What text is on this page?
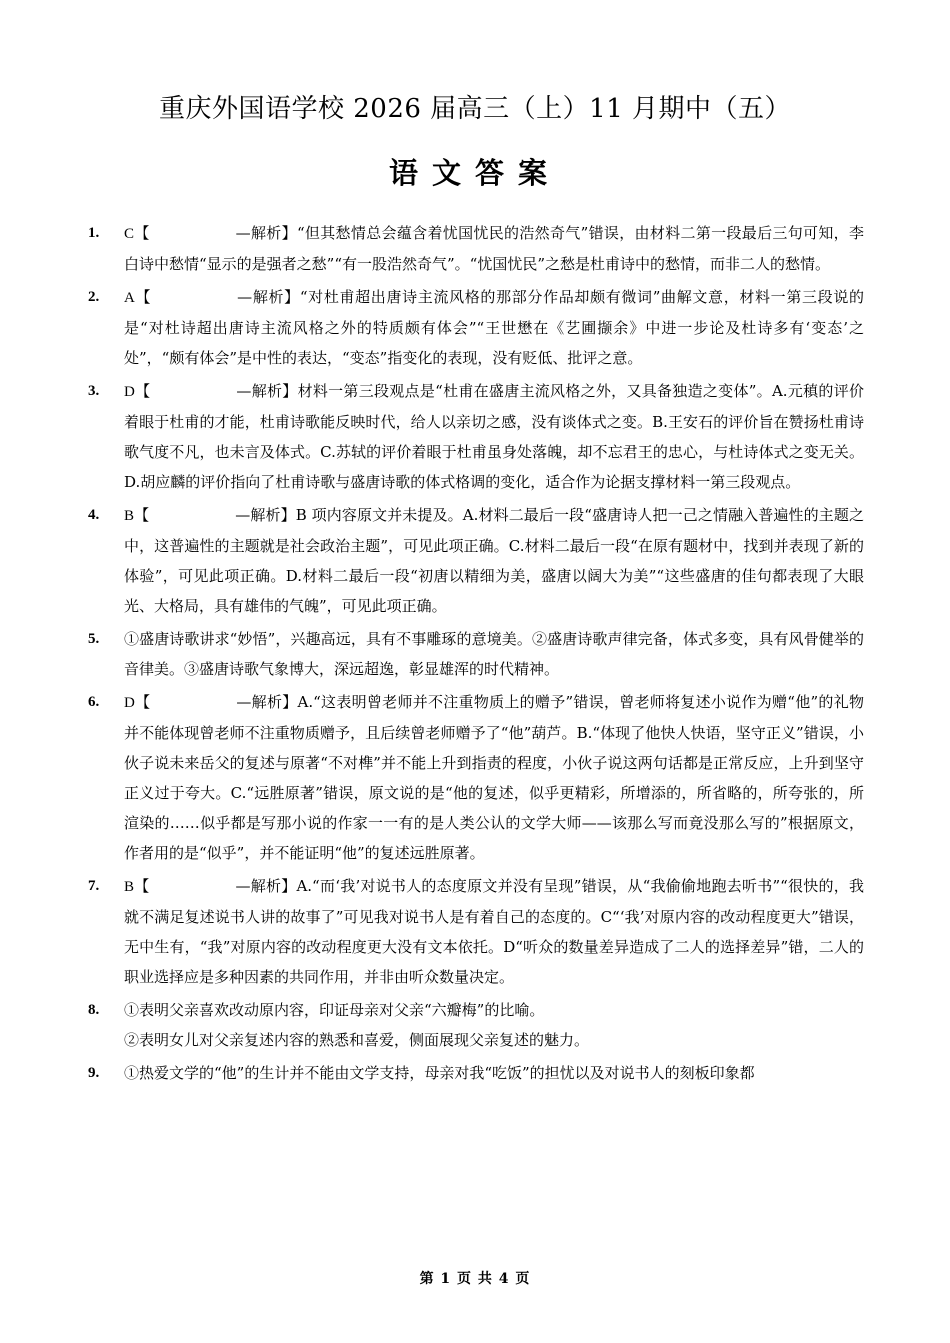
重庆外国语学校 2026 届高三（上）11 月期中（五）
语文答案
1.	C【	—解析】“但其愁情总会蕴含着忧国忧民的浩然奇气”错误，由材料二第一段最后三句可知，李白诗中愁情“显示的是强者之愁”“有一股浩然奇气”。“忧国忧民”之愁是杜甫诗中的愁情，而非二人的愁情。
2.	A【	—解析】“对杜甫超出唐诗主流风格的那部分作品却颇有微词”曲解文意，材料一第三段说的是“对杜诗超出唐诗主流风格之外的特质颇有体会”“王世懋在《艺圃撷余》中进一步论及杜诗多有‘变态’之处”，“颇有体会”是中性的表达，“变态”指变化的表现，没有贬低、批评之意。
3.	D【	—解析】材料一第三段观点是“杜甫在盛唐主流风格之外，又具备独造之变体”。A.元稹的评价着眼于杜甫的才能，杜甫诗歌能反映时代，给人以亲切之感，没有谈体式之变。B.王安石的评价旨在赞扬杜甫诗歌气度不凡，也未言及体式。C.苏轼的评价着眼于杜甫虽身处落魄，却不忘君王的忠心，与杜诗体式之变无关。D.胡应麟的评价指向了杜甫诗歌与盛唐诗歌的体式格调的变化，适合作为论据支撑材料一第三段观点。
4.	B【	—解析】B 项内容原文并未提及。A.材料二最后一段“盛唐诗人把一己之情融入普遍性的主题之中，这普遍性的主题就是社会政治主题”，可见此项正确。C.材料二最后一段“在原有题材中，找到并表现了新的体验”，可见此项正确。D.材料二最后一段“初唐以精细为美，盛唐以阔大为美”“这些盛唐的佳句都表现了大眼光、大格局，具有雄伟的气魄”，可见此项正确。
5.	①盛唐诗歌讲求“妙悟”，兴趣高远，具有不事雕琢的意境美。②盛唐诗歌声律完备，体式多变，具有风骨健举的音律美。③盛唐诗歌气象博大，深远超逸，彰显雄浑的时代精神。
6.	D【	—解析】A.“这表明曾老师并不注重物质上的赠予”错误，曾老师将复述小说作为赠“他”的礼物并不能体现曾老师不注重物质赠予，且后续曾老师赠予了“他”葫芦。B.“体现了他快人快语，坚守正义”错误，小伙子说未来岳父的复述与原著“不对榫”并不能上升到指责的程度，小伙子说这两句话都是正常反应，上升到坚守正义过于夸大。C.“远胜原著”错误，原文说的是“他的复述，似乎更精彩，所增添的，所省略的，所夸张的，所渲染的……似乎都是写那小说的作家一一有的是人类公认的文学大师——该那么写而竟没那么写的”根据原文，作者用的是“似乎”，并不能证明“他”的复述远胜原著。
7.	B【	—解析】A.“而‘我’对说书人的态度原文并没有呈现”错误，从“我偷偷地跑去听书”“很快的，我就不满足复述说书人讲的故事了”可见我对说书人是有着自己的态度的。C“‘我’对原内容的改动程度更大”错误，无中生有，“我”对原内容的改动程度更大没有文本依托。D“听众的数量差异造成了二人的选择差异”错，二人的职业选择应是多种因素的共同作用，并非由听众数量决定。
8.	①表明父亲喜欢改动原内容，印证母亲对父亲“六瓣梅”的比喻。
②表明女儿对父亲复述内容的熟悉和喜爱，侧面展现父亲复述的魅力。
9.	①热爱文学的“他”的生计并不能由文学支持，母亲对我“吃饭”的担忧以及对说书人的刻板印象都
第 1 页 共 4 页
